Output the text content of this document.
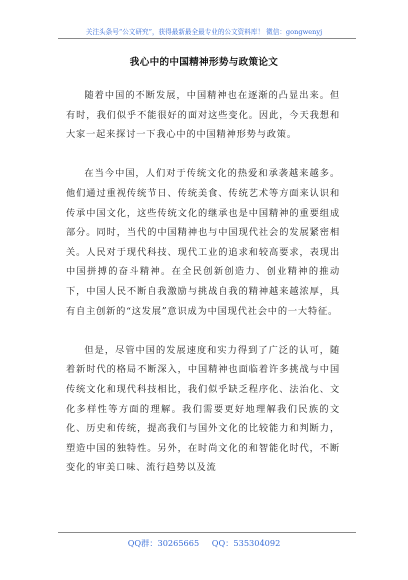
关注头条号“公文研究”，获得最新最全最专业的公文资料库！ 微信：gongwenyj
我心中的中国精神形势与政策论文

随着中国的不断发展，中国精神也在逐渐的凸显出来。但有时，我们似乎不能很好的面对这些变化。因此，今天我想和大家一起来探讨一下我心中的中国精神形势与政策。

在当今中国，人们对于传统文化的热爱和承袭越来越多。他们通过重视传统节日、传统美食、传统艺术等方面来认识和传承中国文化，这些传统文化的继承也是中国精神的重要组成部分。同时，当代的中国精神也与中国现代社会的发展紧密相关。人民对于现代科技、现代工业的追求和较高要求，表现出中国拼搏的奋斗精神。在全民创新创造力、创业精神的推动下，中国人民不断自我激励与挑战自我的精神越来越浓厚，具有自主创新的“这发展”意识成为中国现代社会中的一大特征。

但是，尽管中国的发展速度和实力得到了广泛的认可，随着新时代的格局不断深入，中国精神也面临着许多挑战与中国传统文化和现代科技相比，我们似乎缺乏程序化、法治化、文化多样性等方面的理解。我们需要更好地理解我们民族的文化、历史和传统，提高我们与国外文化的比较能力和判断力，塑造中国的独特性。另外，在时尚文化的和智能化时代，不断变化的审美口味、流行趋势以及流

QQ群：30265665 QQ：535304092
